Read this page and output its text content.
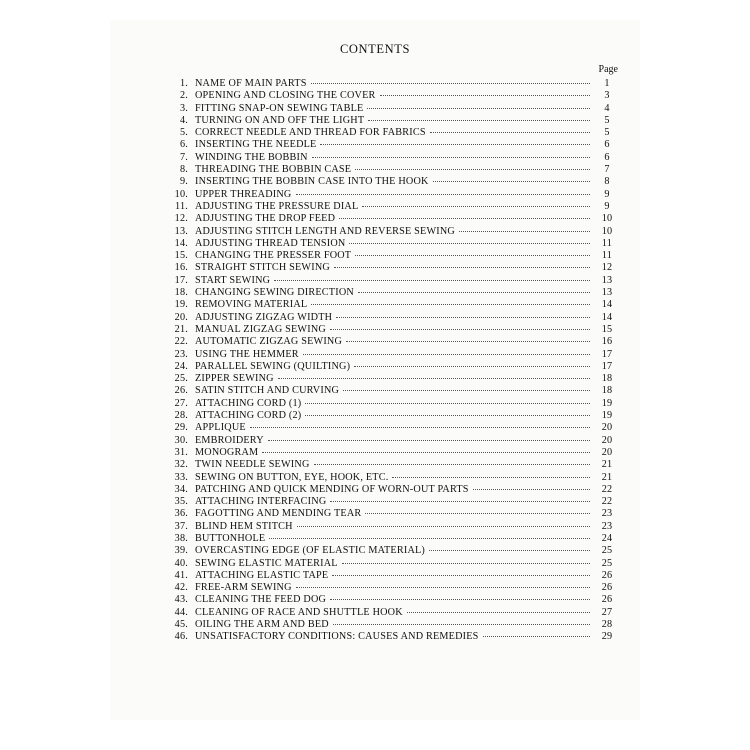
CONTENTS
Page
1. NAME OF MAIN PARTS	1
2. OPENING AND CLOSING THE COVER	3
3. FITTING SNAP-ON SEWING TABLE	4
4. TURNING ON AND OFF THE LIGHT	5
5. CORRECT NEEDLE AND THREAD FOR FABRICS	5
6. INSERTING THE NEEDLE	6
7. WINDING THE BOBBIN	6
8. THREADING THE BOBBIN CASE	7
9. INSERTING THE BOBBIN CASE INTO THE HOOK	8
10. UPPER THREADING	9
11. ADJUSTING THE PRESSURE DIAL	9
12. ADJUSTING THE DROP FEED	10
13. ADJUSTING STITCH LENGTH AND REVERSE SEWING	10
14. ADJUSTING THREAD TENSION	11
15. CHANGING THE PRESSER FOOT	11
16. STRAIGHT STITCH SEWING	12
17. START SEWING	13
18. CHANGING SEWING DIRECTION	13
19. REMOVING MATERIAL	14
20. ADJUSTING ZIGZAG WIDTH	14
21. MANUAL ZIGZAG SEWING	15
22. AUTOMATIC ZIGZAG SEWING	16
23. USING THE HEMMER	17
24. PARALLEL SEWING (QUILTING)	17
25. ZIPPER SEWING	18
26. SATIN STITCH AND CURVING	18
27. ATTACHING CORD (1)	19
28. ATTACHING CORD (2)	19
29. APPLIQUE	20
30. EMBROIDERY	20
31. MONOGRAM	20
32. TWIN NEEDLE SEWING	21
33. SEWING ON BUTTON, EYE, HOOK, ETC.	21
34. PATCHING AND QUICK MENDING OF WORN-OUT PARTS	22
35. ATTACHING INTERFACING	22
36. FAGOTTING AND MENDING TEAR	23
37. BLIND HEM STITCH	23
38. BUTTONHOLE	24
39. OVERCASTING EDGE (OF ELASTIC MATERIAL)	25
40. SEWING ELASTIC MATERIAL	25
41. ATTACHING ELASTIC TAPE	26
42. FREE-ARM SEWING	26
43. CLEANING THE FEED DOG	26
44. CLEANING OF RACE AND SHUTTLE HOOK	27
45. OILING THE ARM AND BED	28
46. UNSATISFACTORY CONDITIONS: CAUSES AND REMEDIES	29
